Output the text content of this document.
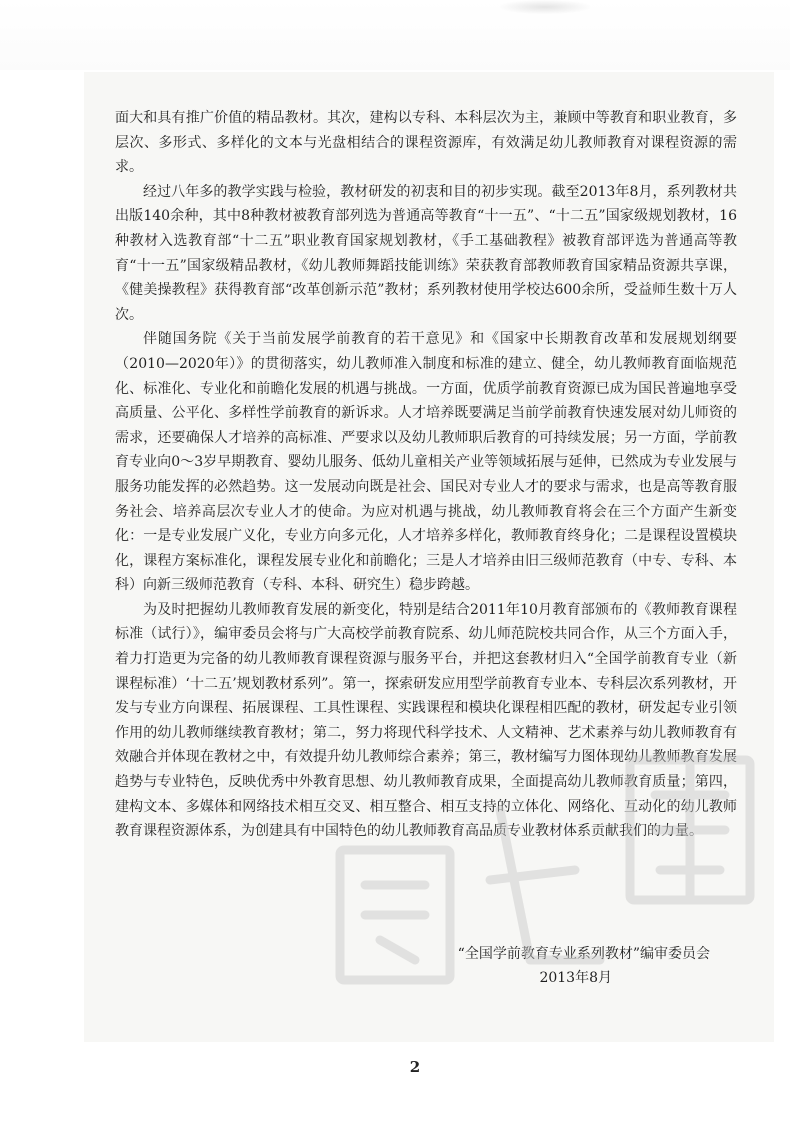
面大和具有推广价值的精品教材。其次，建构以专科、本科层次为主，兼顾中等教育和职业教育，多层次、多形式、多样化的文本与光盘相结合的课程资源库，有效满足幼儿教师教育对课程资源的需求。

经过八年多的教学实践与检验，教材研发的初衷和目的初步实现。截至2013年8月，系列教材共出版140余种，其中8种教材被教育部列选为普通高等教育“十一五”、“十二五”国家级规划教材，16种教材入选教育部“十二五”职业教育国家规划教材，《手工基础教程》被教育部评选为普通高等教育“十一五”国家级精品教材，《幼儿教师舞蹈技能训练》荣获教育部教师教育国家精品资源共享课，《健美操教程》获得教育部“改革创新示范”教材；系列教材使用学校达600余所，受益师生数十万人次。

伴随国务院《关于当前发展学前教育的若干意见》和《国家中长期教育改革和发展规划纲要（2010—2020年）》的贯彻落实，幼儿教师准入制度和标准的建立、健全，幼儿教师教育面临规范化、标准化、专业化和前瞻化发展的机遇与挑战。一方面，优质学前教育资源已成为国民普遍地享受高质量、公平化、多样性学前教育的新诉求。人才培养既要满足当前学前教育快速发展对幼儿师资的需求，还要确保人才培养的高标准、严要求以及幼儿教师职后教育的可持续发展；另一方面，学前教育专业向0～3岁早期教育、婴幼儿服务、低幼儿童相关产业等领域拓展与延伸，已然成为专业发展与服务功能发挥的必然趋势。这一发展动向既是社会、国民对专业人才的要求与需求，也是高等教育服务社会、培养高层次专业人才的使命。为应对机遇与挑战，幼儿教师教育将会在三个方面产生新变化：一是专业发展广义化，专业方向多元化，人才培养多样化，教师教育终身化；二是课程设置模块化，课程方案标准化，课程发展专业化和前瞻化；三是人才培养由旧三级师范教育（中专、专科、本科）向新三级师范教育（专科、本科、研究生）稳步跨越。

为及时把握幼儿教师教育发展的新变化，特别是结合2011年10月教育部颁布的《教师教育课程标准（试行）》，编审委员会将与广大高校学前教育院系、幼儿师范院校共同合作，从三个方面入手，着力打造更为完备的幼儿教师教育课程资源与服务平台，并把这套教材归入“全国学前教育专业（新课程标准）‘十二五’规划教材系列”。第一，探索研发应用型学前教育专业本、专科层次系列教材，开发与专业方向课程、拓展课程、工具性课程、实践课程和模块化课程相匹配的教材，研发起专业引领作用的幼儿教师继续教育教材；第二，努力将现代科学技术、人文精神、艺术素养与幼儿教师教育有效融合并体现在教材之中，有效提升幼儿教师综合素养；第三，教材编写力图体现幼儿教师教育发展趋势与专业特色，反映优秀中外教育思想、幼儿教师教育成果，全面提高幼儿教师教育质量；第四，建构文本、多媒体和网络技术相互交叉、相互整合、相互支持的立体化、网络化、互动化的幼儿教师教育课程资源体系，为创建具有中国特色的幼儿教师教育高品质专业教材体系贡献我们的力量。

“全国学前教育专业系列教材”编审委员会
2013年8月
2
